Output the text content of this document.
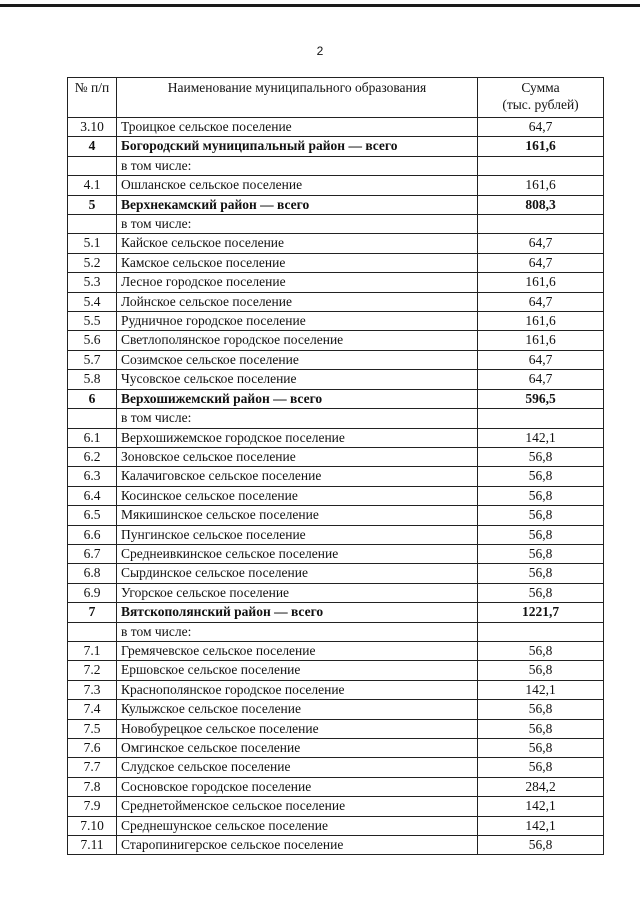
2
№ п/п	Наименование муниципального образования	Сумма
(тыс. рублей)
3.10	Троицкое сельское поселение	64,7
4	Богородский муниципальный район — всего	161,6
	в том числе:	
4.1	Ошланское сельское поселение	161,6
5	Верхнекамский район — всего	808,3
	в том числе:	
5.1	Кайское сельское поселение	64,7
5.2	Камское сельское поселение	64,7
5.3	Лесное городское поселение	161,6
5.4	Лойнское сельское поселение	64,7
5.5	Рудничное городское поселение	161,6
5.6	Светлополянское городское поселение	161,6
5.7	Созимское сельское поселение	64,7
5.8	Чусовское сельское поселение	64,7
6	Верхошижемский район — всего	596,5
	в том числе:	
6.1	Верхошижемское городское поселение	142,1
6.2	Зоновское сельское поселение	56,8
6.3	Калачиговское сельское поселение	56,8
6.4	Косинское сельское поселение	56,8
6.5	Мякишинское сельское поселение	56,8
6.6	Пунгинское сельское поселение	56,8
6.7	Среднеивкинское сельское поселение	56,8
6.8	Сырдинское сельское поселение	56,8
6.9	Угорское сельское поселение	56,8
7	Вятскополянский район — всего	1221,7
	в том числе:	
7.1	Гремячевское сельское поселение	56,8
7.2	Ершовское сельское поселение	56,8
7.3	Краснополянское городское поселение	142,1
7.4	Кулыжское сельское поселение	56,8
7.5	Новобурецкое сельское поселение	56,8
7.6	Омгинское сельское поселение	56,8
7.7	Слудское сельское поселение	56,8
7.8	Сосновское городское поселение	284,2
7.9	Среднетойменское сельское поселение	142,1
7.10	Среднешунское сельское поселение	142,1
7.11	Старопинигерское сельское поселение	56,8
